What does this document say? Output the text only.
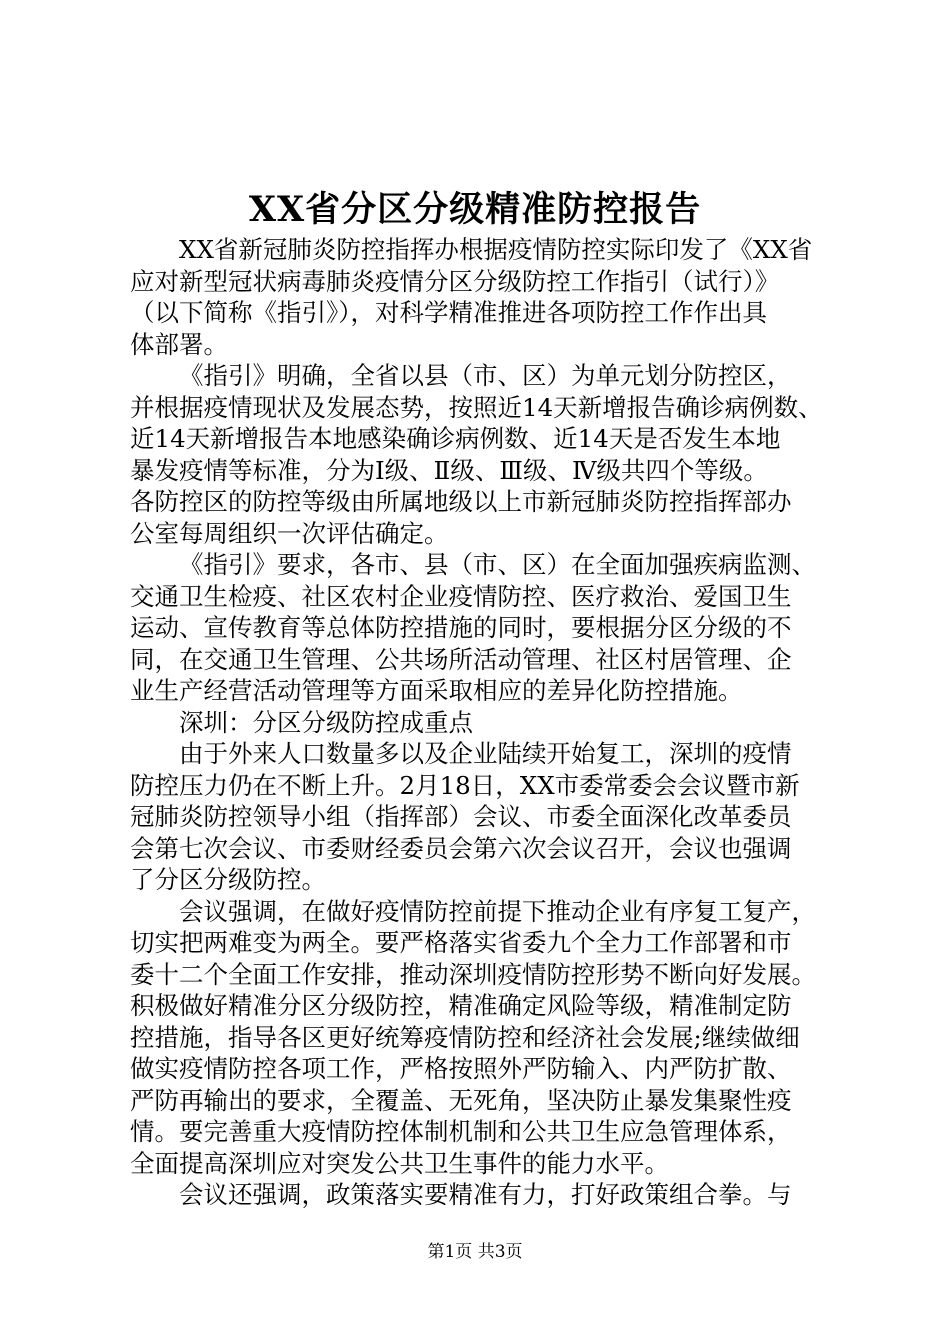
XX省分区分级精准防控报告
XX省新冠肺炎防控指挥办根据疫情防控实际印发了《XX省
应对新型冠状病毒肺炎疫情分区分级防控工作指引（试行）》
（以下简称《指引》），对科学精准推进各项防控工作作出具
体部署。
《指引》明确，全省以县（市、区）为单元划分防控区，
并根据疫情现状及发展态势，按照近14天新增报告确诊病例数、
近14天新增报告本地感染确诊病例数、近14天是否发生本地
暴发疫情等标准，分为Ⅰ级、Ⅱ级、Ⅲ级、Ⅳ级共四个等级。
各防控区的防控等级由所属地级以上市新冠肺炎防控指挥部办
公室每周组织一次评估确定。
《指引》要求，各市、县（市、区）在全面加强疾病监测、
交通卫生检疫、社区农村企业疫情防控、医疗救治、爱国卫生
运动、宣传教育等总体防控措施的同时，要根据分区分级的不
同，在交通卫生管理、公共场所活动管理、社区村居管理、企
业生产经营活动管理等方面采取相应的差异化防控措施。
深圳：分区分级防控成重点
由于外来人口数量多以及企业陆续开始复工，深圳的疫情
防控压力仍在不断上升。2月18日，XX市委常委会会议暨市新
冠肺炎防控领导小组（指挥部）会议、市委全面深化改革委员
会第七次会议、市委财经委员会第六次会议召开，会议也强调
了分区分级防控。
会议强调，在做好疫情防控前提下推动企业有序复工复产，
切实把两难变为两全。要严格落实省委九个全力工作部署和市
委十二个全面工作安排，推动深圳疫情防控形势不断向好发展。
积极做好精准分区分级防控，精准确定风险等级，精准制定防
控措施，指导各区更好统筹疫情防控和经济社会发展;继续做细
做实疫情防控各项工作，严格按照外严防输入、内严防扩散、
严防再输出的要求，全覆盖、无死角，坚决防止暴发集聚性疫
情。要完善重大疫情防控体制机制和公共卫生应急管理体系，
全面提高深圳应对突发公共卫生事件的能力水平。
会议还强调，政策落实要精准有力，打好政策组合拳。与
第1页 共3页
